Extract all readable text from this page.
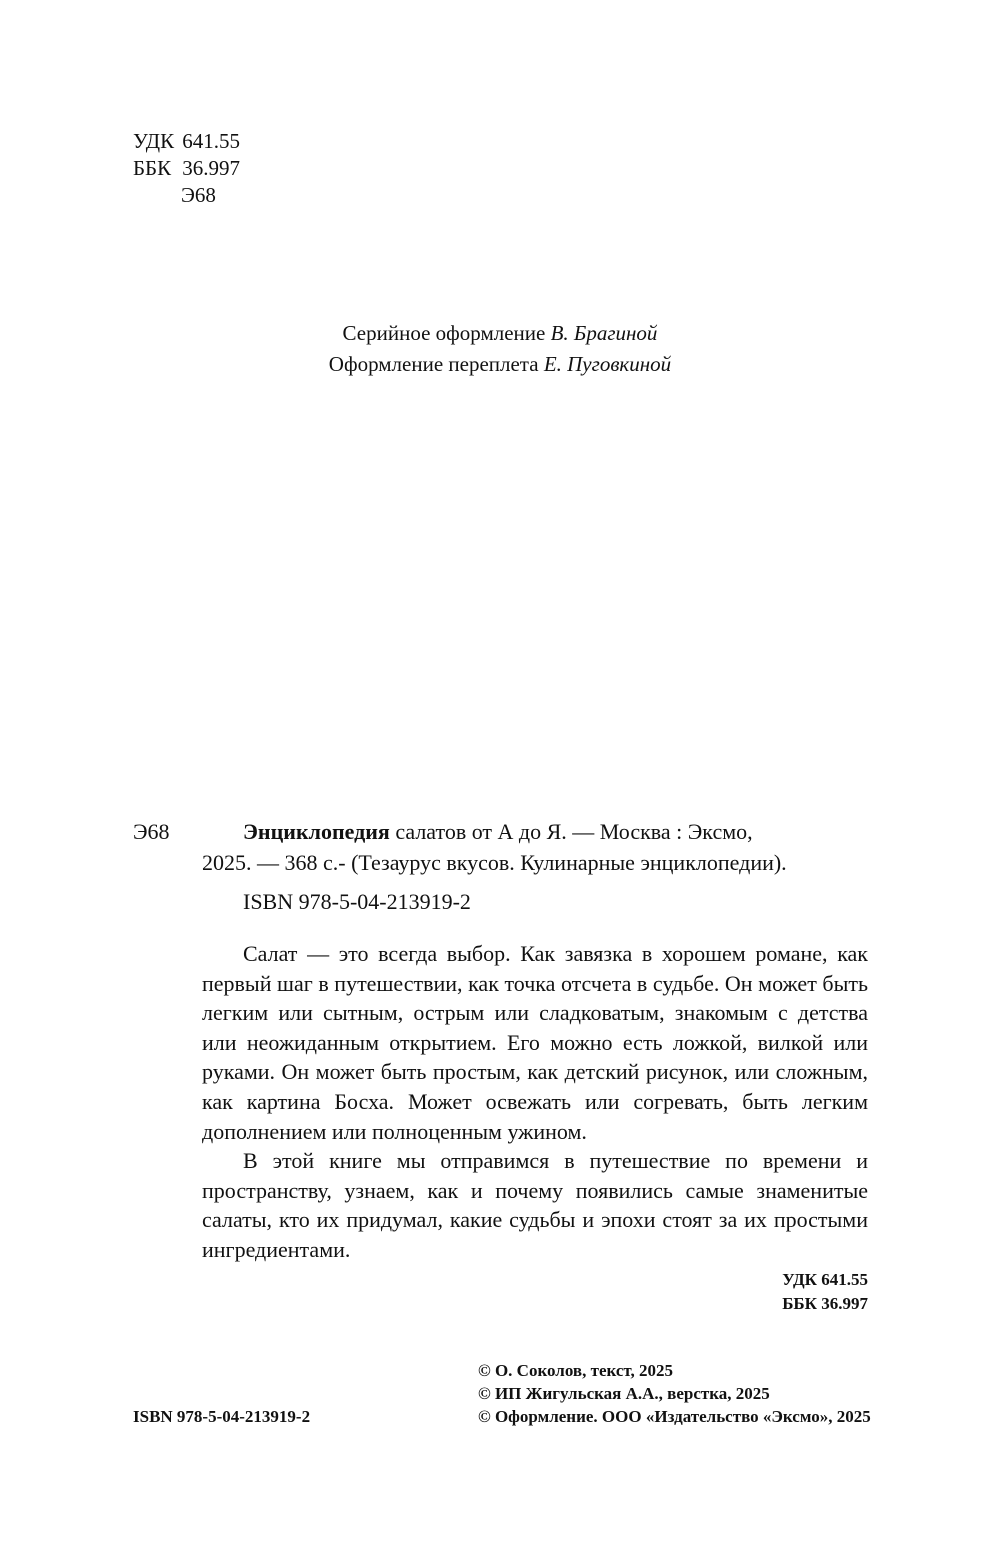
УДК 641.55
ББК 36.997
Э68
Серийное оформление В. Брагиной
Оформление переплета Е. Пуговкиной
Э68	Энциклопедия салатов от А до Я. — Москва : Эксмо,
2025. — 368 с.- (Тезаурус вкусов. Кулинарные энциклопедии).
ISBN 978-5-04-213919-2

Салат — это всегда выбор. Как завязка в хорошем романе, как первый шаг в путешествии, как точка отсчета в судьбе. Он может быть легким или сытным, острым или сладковатым, знакомым с детства или неожиданным открытием. Его можно есть ложкой, вилкой или руками. Он может быть простым, как детский рисунок, или сложным, как картина Босха. Может освежать или согревать, быть легким дополнением или полноценным ужином.

В этой книге мы отправимся в путешествие по времени и пространству, узнаем, как и почему появились самые знаменитые салаты, кто их придумал, какие судьбы и эпохи стоят за их простыми ингредиентами.

УДК 641.55
ББК 36.997
© О. Соколов, текст, 2025
© ИП Жигульская А.А., верстка, 2025
© Оформление. ООО «Издательство «Эксмо», 2025
ISBN 978-5-04-213919-2
